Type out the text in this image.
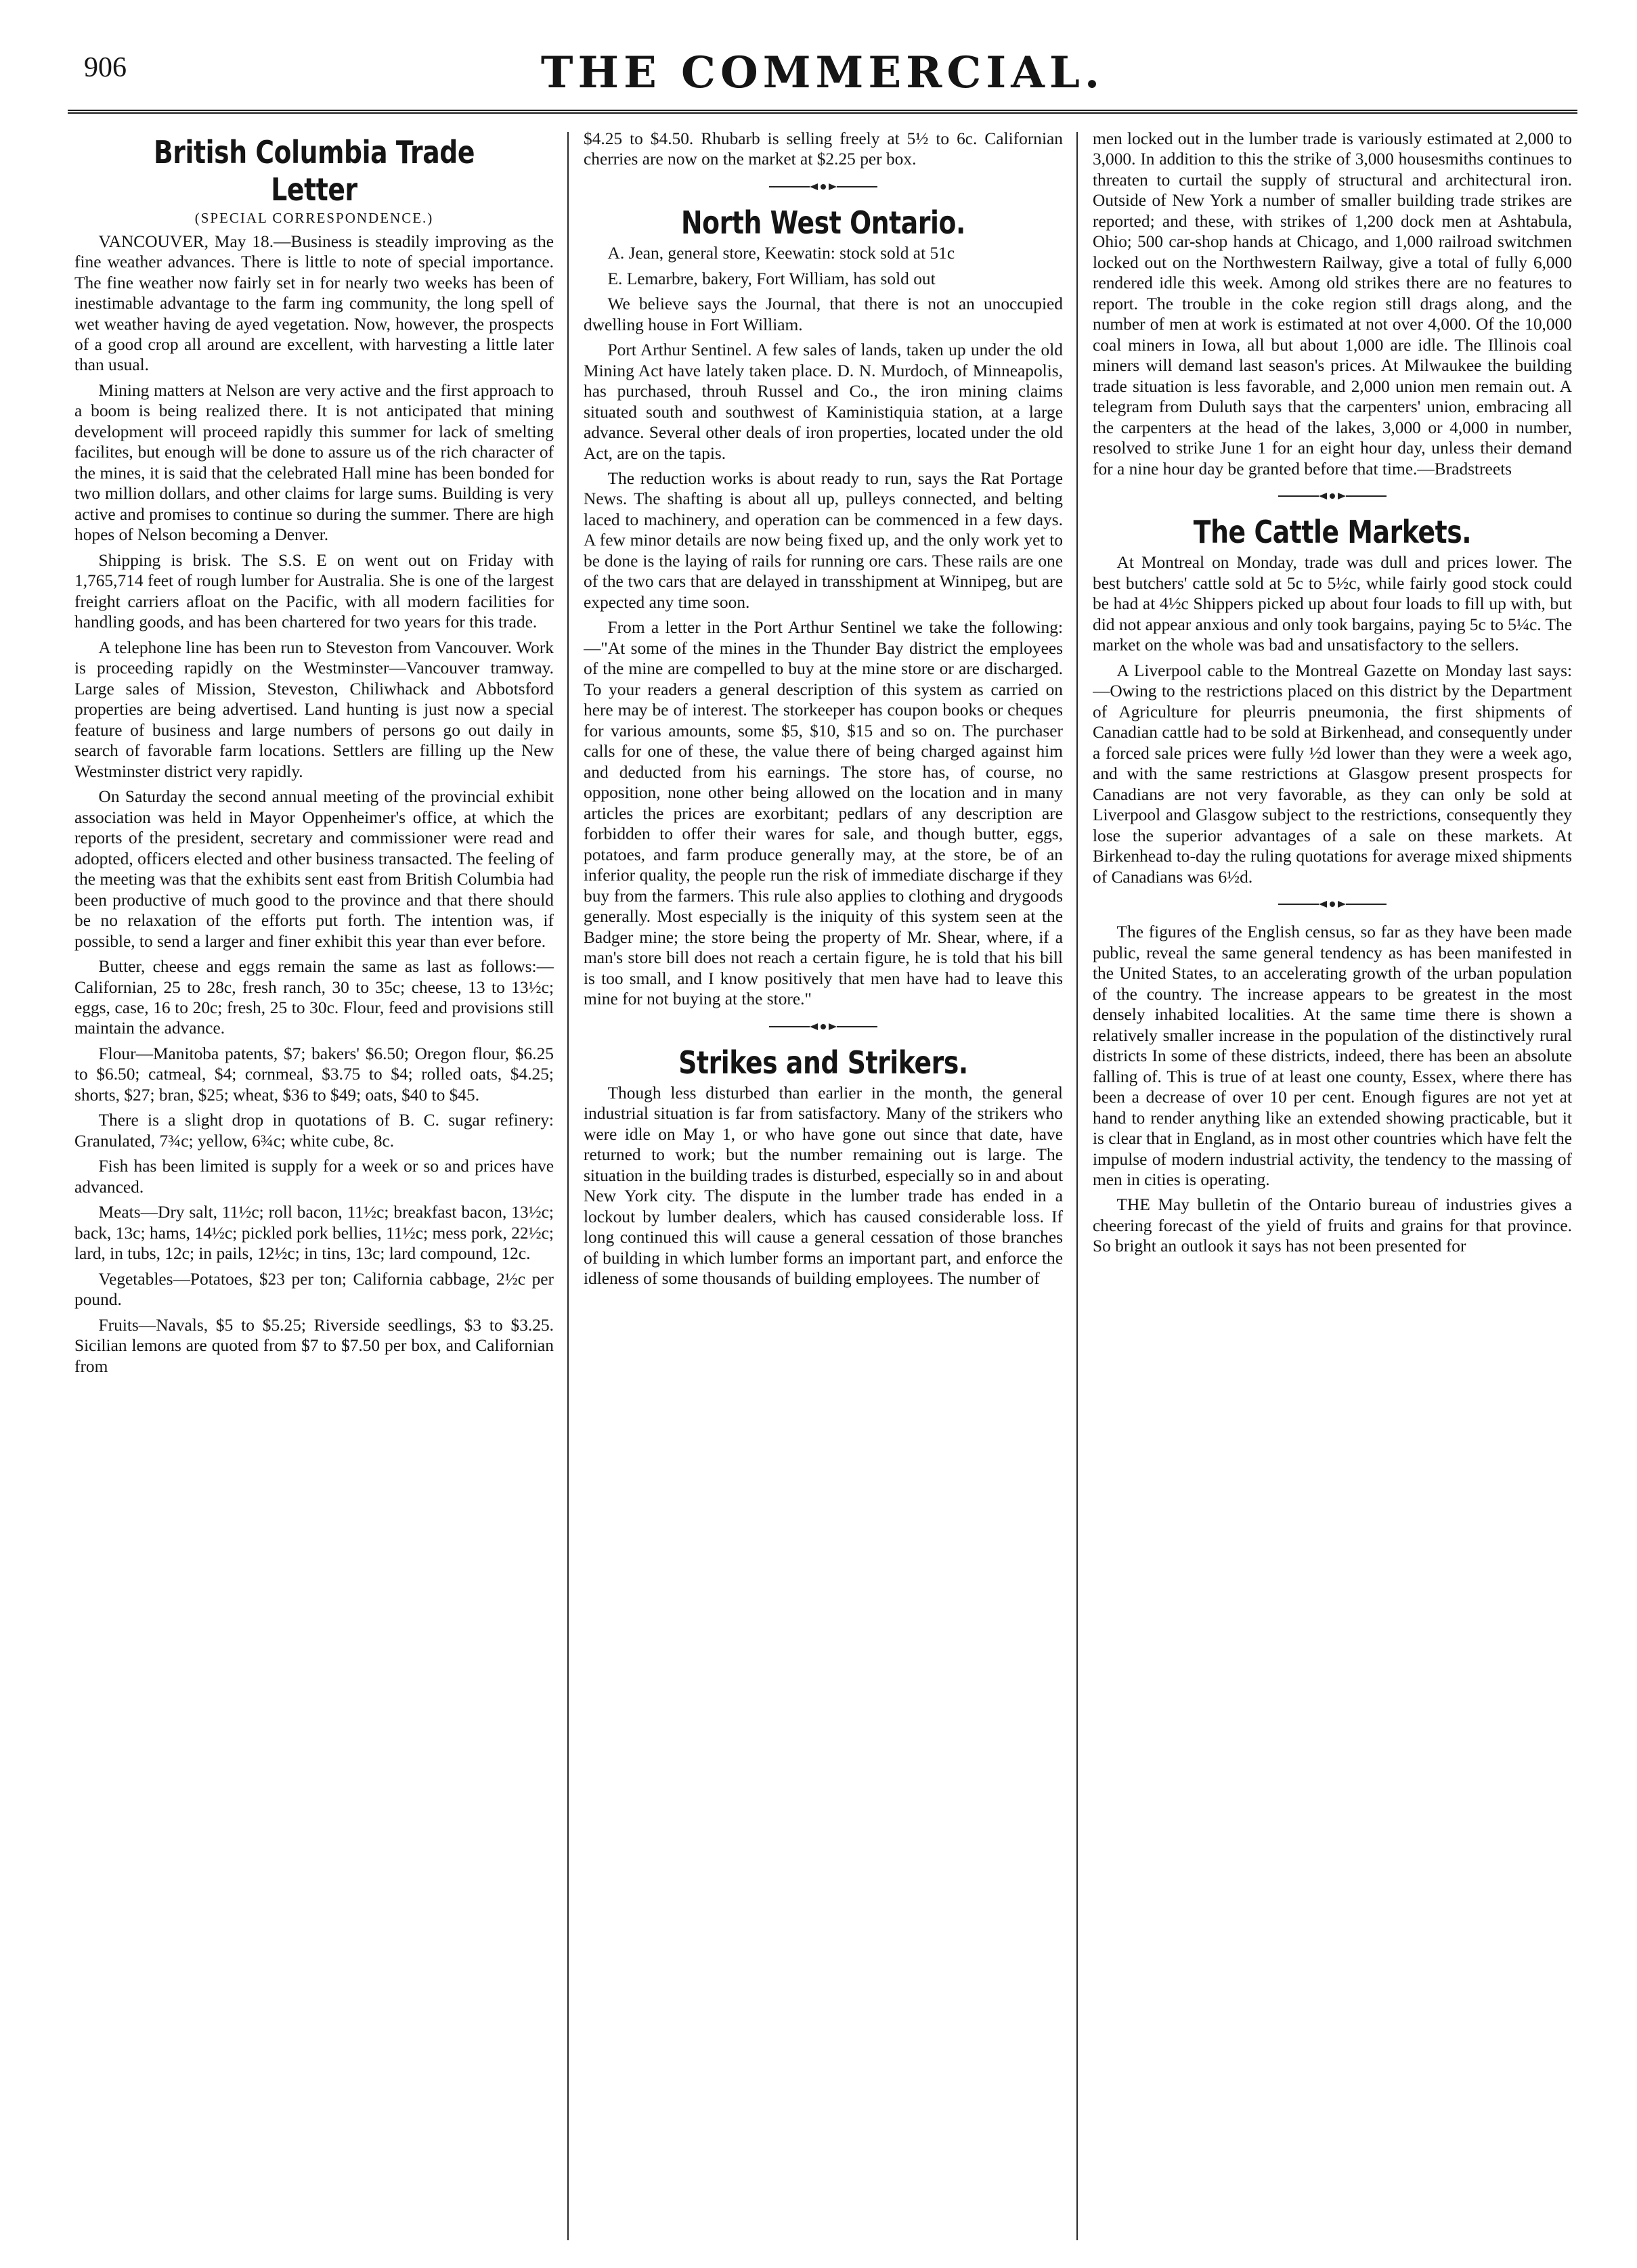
906	THE COMMERCIAL.
British Columbia Trade Letter
(SPECIAL CORRESPONDENCE.)

VANCOUVER, May 18.—Business is steadily improving as the fine weather advances. There is little to note of special importance. The fine weather now fairly set in for nearly two weeks has been of inestimable advantage to the farm ing community, the long spell of wet weather having de ayed vegetation. Now, however, the prospects of a good crop all around are excellent, with harvesting a little later than usual.

Mining matters at Nelson are very active and the first approach to a boom is being realized there. It is not anticipated that mining development will proceed rapidly this summer for lack of smelting facilites, but enough will be done to assure us of the rich character of the mines, it is said that the celebrated Hall mine has been bonded for two million dollars, and other claims for large sums. Building is very active and promises to continue so during the summer. There are high hopes of Nelson becoming a Denver.

Shipping is brisk. The S.S. E on went out on Friday with 1,765,714 feet of rough lumber for Australia. She is one of the largest freight carriers afloat on the Pacific, with all modern facilities for handling goods, and has been chartered for two years for this trade.

A telephone line has been run to Steveston from Vancouver. Work is proceeding rapidly on the Westminster—Vancouver tramway. Large sales of Mission, Steveston, Chiliwhack and Abbotsford properties are being advertised. Land hunting is just now a special feature of business and large numbers of persons go out daily in search of favorable farm locations. Settlers are filling up the New Westminster district very rapidly.

On Saturday the second annual meeting of the provincial exhibit association was held in Mayor Oppenheimer's office, at which the reports of the president, secretary and commissioner were read and adopted, officers elected and other business transacted. The feeling of the meeting was that the exhibits sent east from British Columbia had been productive of much good to the province and that there should be no relaxation of the efforts put forth. The intention was, if possible, to send a larger and finer exhibit this year than ever before.

Butter, cheese and eggs remain the same as last as follows:— Californian, 25 to 28c, fresh ranch, 30 to 35c; cheese, 13 to 13½c; eggs, case, 16 to 20c; fresh, 25 to 30c. Flour, feed and provisions still maintain the advance.

Flour—Manitoba patents, $7; bakers' $6.50; Oregon flour, $6.25 to $6.50; catmeal, $4; cornmeal, $3.75 to $4; rolled oats, $4.25; shorts, $27; bran, $25; wheat, $36 to $49; oats, $40 to $45.

There is a slight drop in quotations of B. C. sugar refinery: Granulated, 7¾c; yellow, 6¾c; white cube, 8c.

Fish has been limited is supply for a week or so and prices have advanced.

Meats—Dry salt, 11½c; roll bacon, 11½c; breakfast bacon, 13½c; back, 13c; hams, 14½c; pickled pork bellies, 11½c; mess pork, 22½c; lard, in tubs, 12c; in pails, 12½c; in tins, 13c; lard compound, 12c.

Vegetables—Potatoes, $23 per ton; California cabbage, 2½c per pound.

Fruits—Navals, $5 to $5.25; Riverside seedlings, $3 to $3.25. Sicilian lemons are quoted from $7 to $7.50 per box, and Californian from

$4.25 to $4.50. Rhubarb is selling freely at 5½ to 6c. Californian cherries are now on the market at $2.25 per box.

North West Ontario.

A. Jean, general store, Keewatin: stock sold at 51c

E. Lemarbre, bakery, Fort William, has sold out

We believe says the Journal, that there is not an unoccupied dwelling house in Fort William.

Port Arthur Sentinel. A few sales of lands, taken up under the old Mining Act have lately taken place. D. N. Murdoch, of Minneapolis, has purchased, throuh Russel and Co., the iron mining claims situated south and southwest of Kaministiquia station, at a large advance. Several other deals of iron properties, located under the old Act, are on the tapis.

The reduction works is about ready to run, says the Rat Portage News. The shafting is about all up, pulleys connected, and belting laced to machinery, and operation can be commenced in a few days. A few minor details are now being fixed up, and the only work yet to be done is the laying of rails for running ore cars. These rails are one of the two cars that are delayed in transshipment at Winnipeg, but are expected any time soon.

From a letter in the Port Arthur Sentinel we take the following:—"At some of the mines in the Thunder Bay district the employees of the mine are compelled to buy at the mine store or are discharged. To your readers a general description of this system as carried on here may be of interest. The storkeeper has coupon books or cheques for various amounts, some $5, $10, $15 and so on. The purchaser calls for one of these, the value there of being charged against him and deducted from his earnings. The store has, of course, no opposition, none other being allowed on the location and in many articles the prices are exorbitant; pedlars of any description are forbidden to offer their wares for sale, and though butter, eggs, potatoes, and farm produce generally may, at the store, be of an inferior quality, the people run the risk of immediate discharge if they buy from the farmers. This rule also applies to clothing and drygoods generally. Most especially is the iniquity of this system seen at the Badger mine; the store being the property of Mr. Shear, where, if a man's store bill does not reach a certain figure, he is told that his bill is too small, and I know positively that men have had to leave this mine for not buying at the store."

Strikes and Strikers.

Though less disturbed than earlier in the month, the general industrial situation is far from satisfactory. Many of the strikers who were idle on May 1, or who have gone out since that date, have returned to work; but the number remaining out is large. The situation in the building trades is disturbed, especially so in and about New York city. The dispute in the lumber trade has ended in a lockout by lumber dealers, which has caused considerable loss. If long continued this will cause a general cessation of those branches of building in which lumber forms an important part, and enforce the idleness of some thousands of building employees. The number of

men locked out in the lumber trade is variously estimated at 2,000 to 3,000. In addition to this the strike of 3,000 housesmiths continues to threaten to curtail the supply of structural and architectural iron. Outside of New York a number of smaller building trade strikes are reported; and these, with strikes of 1,200 dock men at Ashtabula, Ohio; 500 car-shop hands at Chicago, and 1,000 railroad switchmen locked out on the Northwestern Railway, give a total of fully 6,000 rendered idle this week. Among old strikes there are no features to report. The trouble in the coke region still drags along, and the number of men at work is estimated at not over 4,000. Of the 10,000 coal miners in Iowa, all but about 1,000 are idle. The Illinois coal miners will demand last season's prices. At Milwaukee the building trade situation is less favorable, and 2,000 union men remain out. A telegram from Duluth says that the carpenters' union, embracing all the carpenters at the head of the lakes, 3,000 or 4,000 in number, resolved to strike June 1 for an eight hour day, unless their demand for a nine hour day be granted before that time.—Bradstreets

The Cattle Markets.

At Montreal on Monday, trade was dull and prices lower. The best butchers' cattle sold at 5c to 5½c, while fairly good stock could be had at 4½c Shippers picked up about four loads to fill up with, but did not appear anxious and only took bargains, paying 5c to 5¼c. The market on the whole was bad and unsatisfactory to the sellers.

A Liverpool cable to the Montreal Gazette on Monday last says:—Owing to the restrictions placed on this district by the Department of Agriculture for pleurris pneumonia, the first shipments of Canadian cattle had to be sold at Birkenhead, and consequently under a forced sale prices were fully ½d lower than they were a week ago, and with the same restrictions at Glasgow present prospects for Canadians are not very favorable, as they can only be sold at Liverpool and Glasgow subject to the restrictions, consequently they lose the superior advantages of a sale on these markets. At Birkenhead to-day the ruling quotations for average mixed shipments of Canadians was 6½d.

The figures of the English census, so far as they have been made public, reveal the same general tendency as has been manifested in the United States, to an accelerating growth of the urban population of the country. The increase appears to be greatest in the most densely inhabited localities. At the same time there is shown a relatively smaller increase in the population of the distinctively rural districts In some of these districts, indeed, there has been an absolute falling of. This is true of at least one county, Essex, where there has been a decrease of over 10 per cent. Enough figures are not yet at hand to render anything like an extended showing practicable, but it is clear that in England, as in most other countries which have felt the impulse of modern industrial activity, the tendency to the massing of men in cities is operating.

THE May bulletin of the Ontario bureau of industries gives a cheering forecast of the yield of fruits and grains for that province. So bright an outlook it says has not been presented for
